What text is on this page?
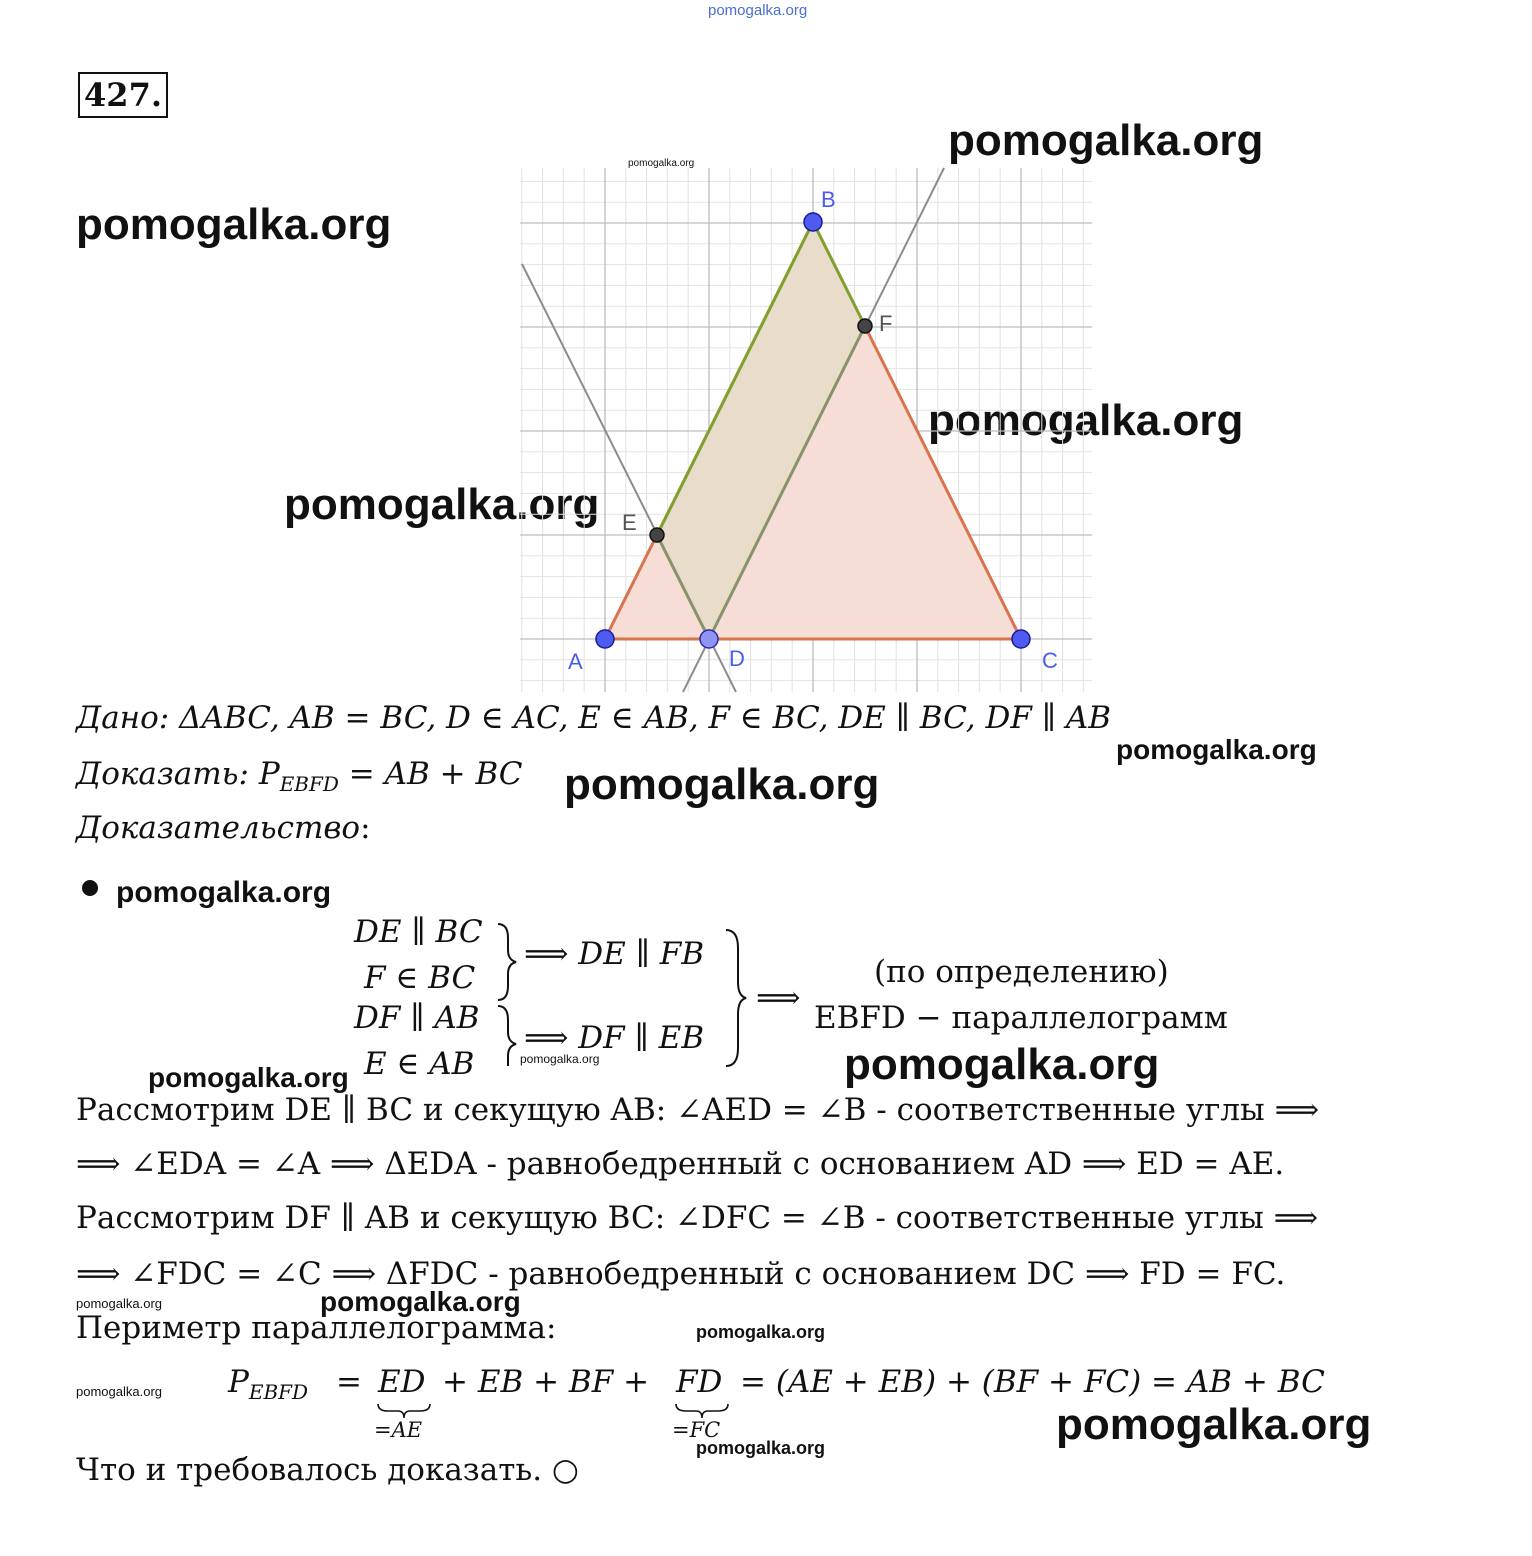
pomogalka.org
pomogalka.org
pomogalka.org
pomogalka.org
pomogalka.org
pomogalka.org
pomogalka.org
pomogalka.org
pomogalka.org
pomogalka.org
pomogalka.org
pomogalka.org
pomogalka.org
pomogalka.org
pomogalka.org
pomogalka.org
pomogalka.org
427.
pomogalka.org
A
B
C
D
E
F
Дано: ΔABC, AB = BC, D ∈ AC, E ∈ AB, F ∈ BC, DE ∥ BC, DF ∥ AB
Доказать: $P_{EBFD}$ = AB + BC
Доказательство:
DE ∥ BC
F ∈ BC
DF ∥ AB
E ∈ AB
⟹ DE ∥ FB
⟹ DF ∥ EB
⟹
(по определению)
EBFD − параллелограмм
Рассмотрим DE ∥ BC и секущую AB: ∠AED = ∠B - соответственные углы ⟹
⟹ ∠EDA = ∠A ⟹ ΔEDA - равнобедренный с основанием AD ⟹ ED = AE.
Рассмотрим DF ∥ AB и секущую BC: ∠DFC = ∠B - соответственные углы ⟹
⟹ ∠FDC = ∠C ⟹ ΔFDC - равнобедренный с основанием DC ⟹ FD = FC.
Периметр параллелограмма:
$P_{EBFD}$ = ED + EB + BF + FD = (AE + EB) + (BF + FC) = AB + BC
=AE	=FC
Что и требовалось доказать. ○
